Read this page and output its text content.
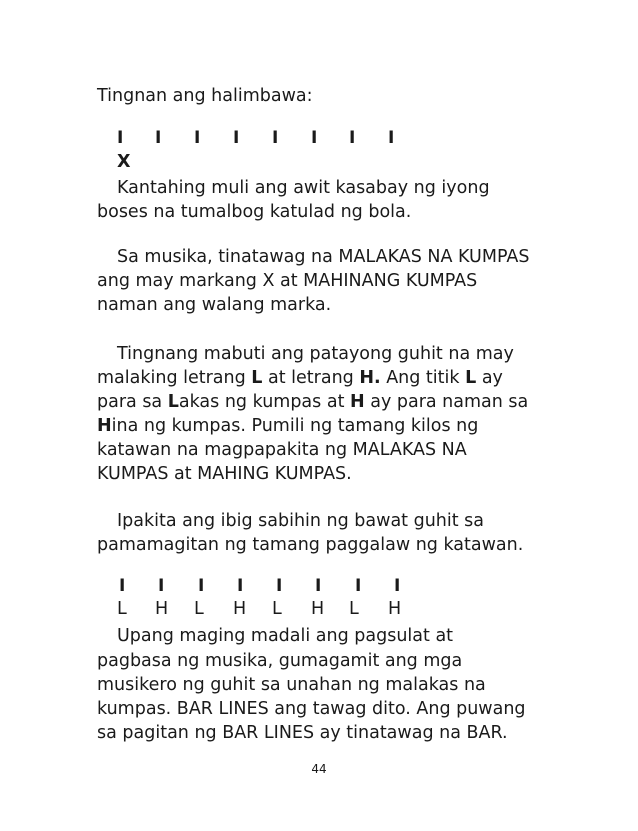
Tingnan ang halimbawa:
I I I I I I I I
X
Kantahing muli ang awit kasabay ng iyong
boses na tumalbog katulad ng bola.
Sa musika, tinatawag na MALAKAS NA KUMPAS
ang may markang X at MAHINANG KUMPAS
naman ang walang marka.
Tingnang mabuti ang patayong guhit na may
malaking letrang L at letrang H. Ang titik L ay
para sa Lakas ng kumpas at H ay para naman sa
Hina ng kumpas. Pumili ng tamang kilos ng
katawan na magpapakita ng MALAKAS NA
KUMPAS at MAHING KUMPAS.
Ipakita ang ibig sabihin ng bawat guhit sa
pamamagitan ng tamang paggalaw ng katawan.
I I I I I I I I
L H L H L H L H
Upang maging madali ang pagsulat at
pagbasa ng musika, gumagamit ang mga
musikero ng guhit sa unahan ng malakas na
kumpas. BAR LINES ang tawag dito. Ang puwang
sa pagitan ng BAR LINES ay tinatawag na BAR.
44
